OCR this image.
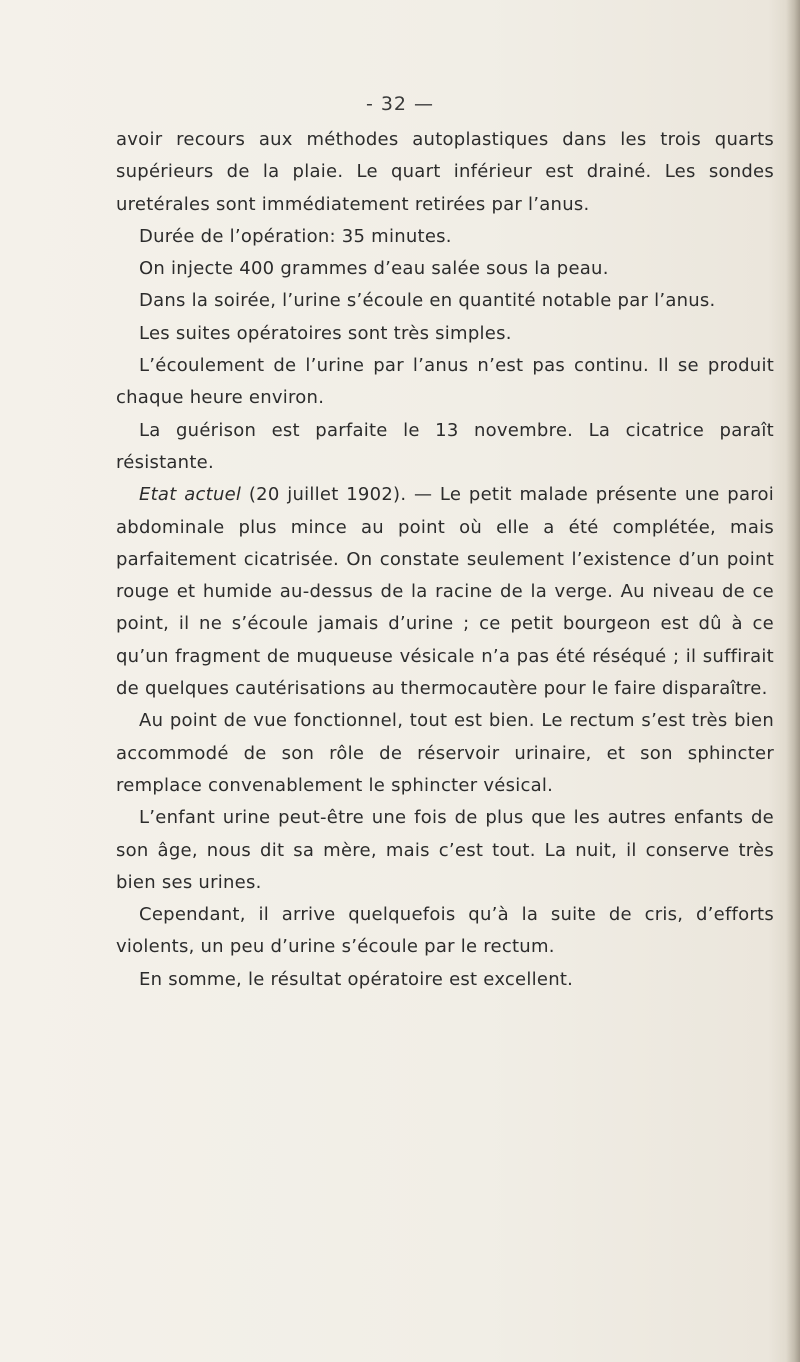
- 32 —

avoir recours aux méthodes autoplastiques dans les trois quarts supérieurs de la plaie. Le quart inférieur est drainé. Les sondes uretérales sont immédiatement retirées par l’anus.

Durée de l’opération: 35 minutes.

On injecte 400 grammes d’eau salée sous la peau.

Dans la soirée, l’urine s’écoule en quantité notable par l’anus.

Les suites opératoires sont très simples.

L’écoulement de l’urine par l’anus n’est pas continu. Il se produit chaque heure environ.

La guérison est parfaite le 13 novembre. La cicatrice paraît résistante.

Etat actuel (20 juillet 1902). — Le petit malade présente une paroi abdominale plus mince au point où elle a été complétée, mais parfaitement cicatrisée. On constate seulement l’existence d’un point rouge et humide au-dessus de la racine de la verge. Au niveau de ce point, il ne s’écoule jamais d’urine ; ce petit bourgeon est dû à ce qu’un fragment de muqueuse vésicale n’a pas été réséqué ; il suffirait de quelques cautérisations au thermocautère pour le faire disparaître.

Au point de vue fonctionnel, tout est bien. Le rectum s’est très bien accommodé de son rôle de réservoir urinaire, et son sphincter remplace convenablement le sphincter vésical.

L’enfant urine peut-être une fois de plus que les autres enfants de son âge, nous dit sa mère, mais c’est tout. La nuit, il conserve très bien ses urines.

Cependant, il arrive quelquefois qu’à la suite de cris, d’efforts violents, un peu d’urine s’écoule par le rectum.

En somme, le résultat opératoire est excellent.
